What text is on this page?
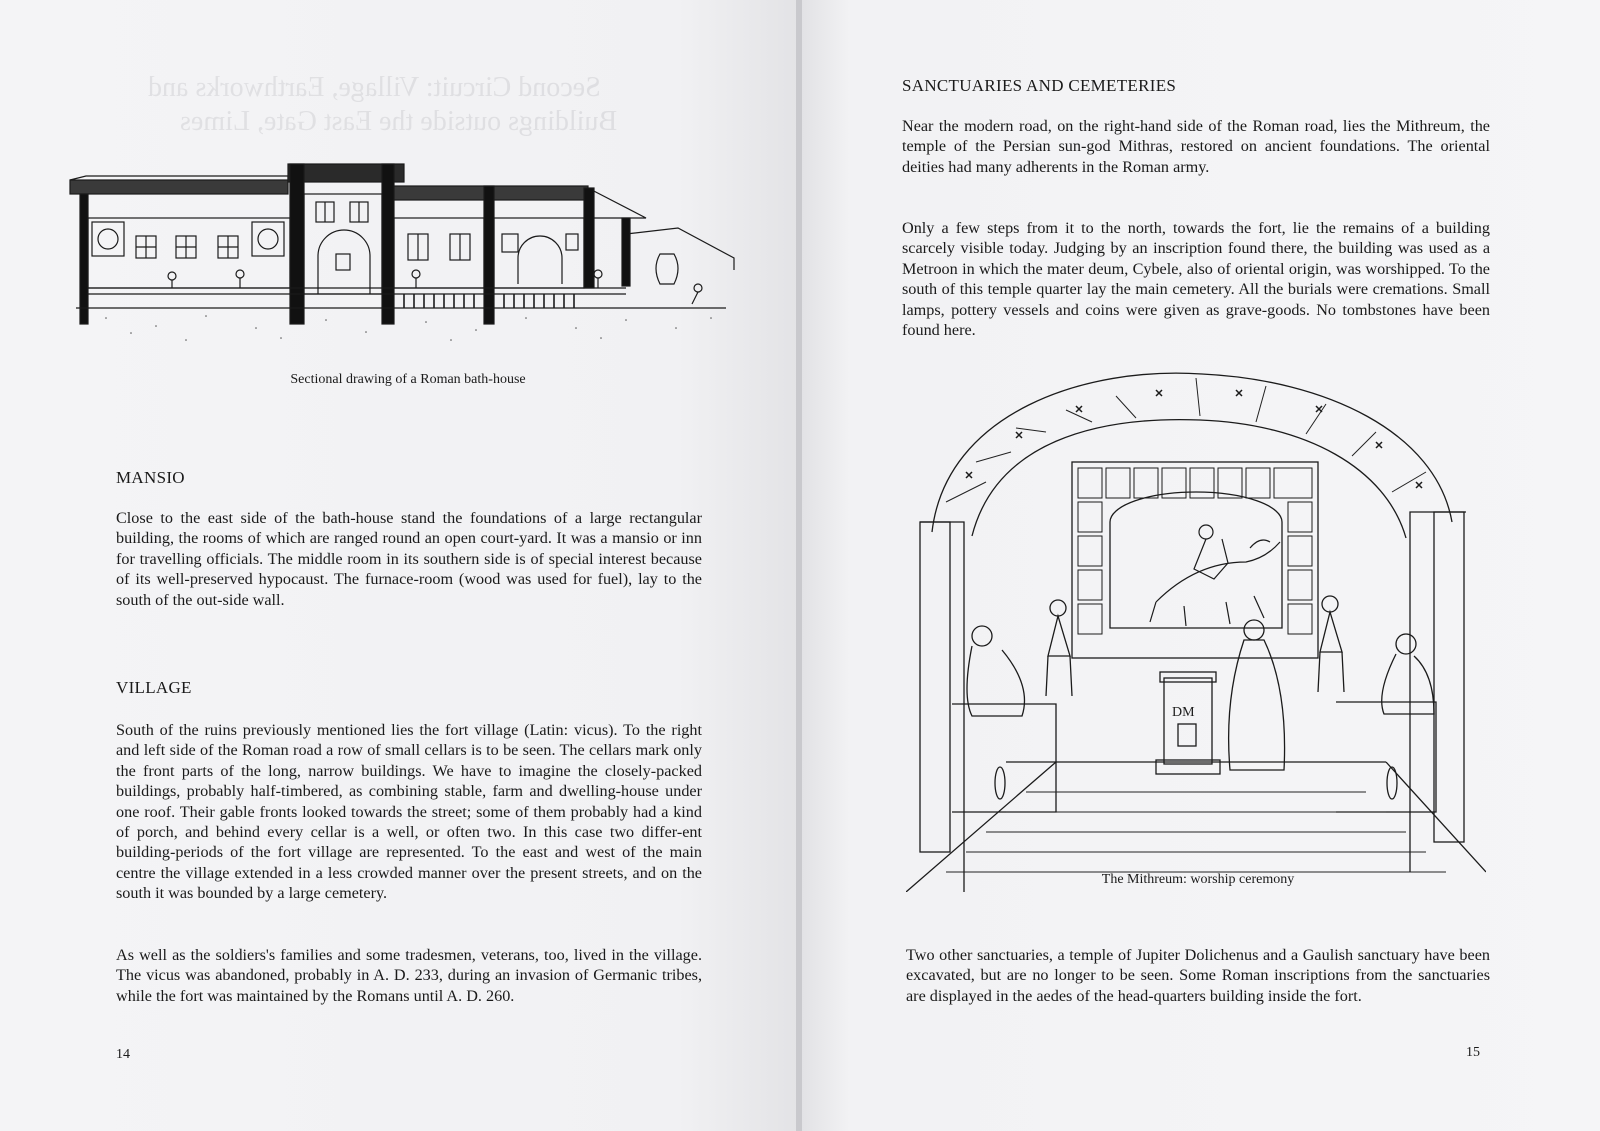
Second Circuit: Village, Earthworks and
Buildings outside the East Gate, Limes
Sectional drawing of a Roman bath-house
MANSIO

Close to the east side of the bath-house stand the foundations of a large rectangular building, the rooms of which are ranged round an open court-yard. It was a mansio or inn for travelling officials. The middle room in its southern side is of special interest because of its well-preserved hypocaust. The furnace-room (wood was used for fuel), lay to the south of the out-side wall.

VILLAGE

South of the ruins previously mentioned lies the fort village (Latin: vicus). To the right and left side of the Roman road a row of small cellars is to be seen. The cellars mark only the front parts of the long, narrow buildings. We have to imagine the closely-packed buildings, probably half-timbered, as combining stable, farm and dwelling-house under one roof. Their gable fronts looked towards the street; some of them probably had a kind of porch, and behind every cellar is a well, or often two. In this case two differ-ent building-periods of the fort village are represented. To the east and west of the main centre the village extended in a less crowded manner over the present streets, and on the south it was bounded by a large cemetery.

As well as the soldiers's families and some tradesmen, veterans, too, lived in the village. The vicus was abandoned, probably in A. D. 233, during an invasion of Germanic tribes, while the fort was maintained by the Romans until A. D. 260.

14
SANCTUARIES AND CEMETERIES

Near the modern road, on the right-hand side of the Roman road, lies the Mithreum, the temple of the Persian sun-god Mithras, restored on ancient foundations. The oriental deities had many adherents in the Roman army.

Only a few steps from it to the north, towards the fort, lie the remains of a building scarcely visible today. Judging by an inscription found there, the building was used as a Metroon in which the mater deum, Cybele, also of oriental origin, was worshipped. To the south of this temple quarter lay the main cemetery. All the burials were cremations. Small lamps, pottery vessels and coins were given as grave-goods. No tombstones have been found here.

DM
The Mithreum: worship ceremony

Two other sanctuaries, a temple of Jupiter Dolichenus and a Gaulish sanctuary have been excavated, but are no longer to be seen. Some Roman inscriptions from the sanctuaries are displayed in the aedes of the head-quarters building inside the fort.

15
